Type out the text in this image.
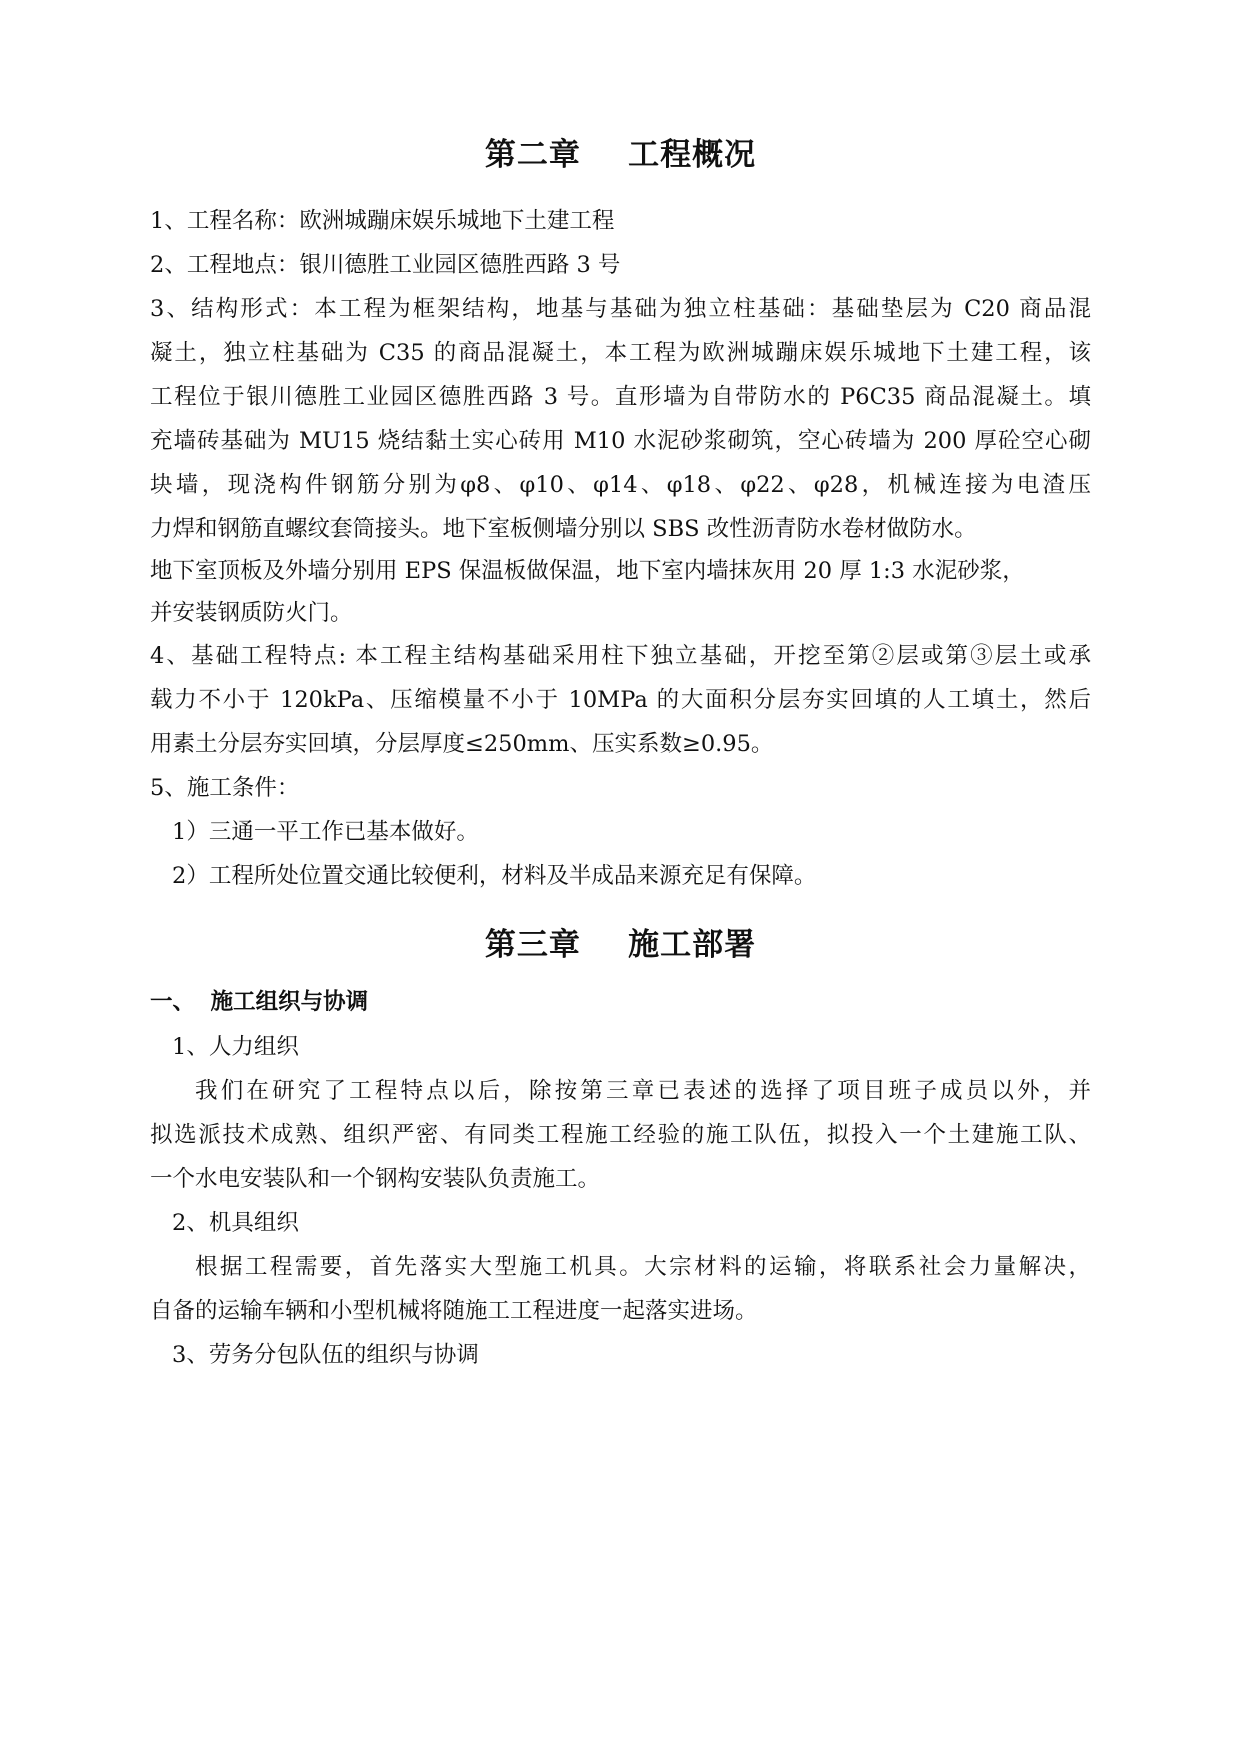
第二章    工程概况
1、工程名称：欧洲城蹦床娱乐城地下土建工程
2、工程地点：银川德胜工业园区德胜西路 3 号
3、结构形式：本工程为框架结构，地基与基础为独立柱基础：基础垫层为 C20 商品混
凝土，独立柱基础为 C35 的商品混凝土，本工程为欧洲城蹦床娱乐城地下土建工程，该
工程位于银川德胜工业园区德胜西路 3 号。直形墙为自带防水的 P6C35 商品混凝土。填
充墙砖基础为 MU15 烧结黏土实心砖用 M10 水泥砂浆砌筑，空心砖墙为 200 厚砼空心砌
块墙，现浇构件钢筋分别为φ8、φ10、φ14、φ18、φ22、φ28，机械连接为电渣压
力焊和钢筋直螺纹套筒接头。地下室板侧墙分别以 SBS 改性沥青防水卷材做防水。
地下室顶板及外墙分别用 EPS 保温板做保温，地下室内墙抹灰用 20 厚 1:3 水泥砂浆，
并安装钢质防火门。
4、基础工程特点: 本工程主结构基础采用柱下独立基础，开挖至第②层或第③层土或承
载力不小于 120kPa、压缩模量不小于 10MPa 的大面积分层夯实回填的人工填土，然后
用素土分层夯实回填，分层厚度≤250mm、压实系数≥0.95。
5、施工条件：
1）三通一平工作已基本做好。
2）工程所处位置交通比较便利，材料及半成品来源充足有保障。
第三章    施工部署
一、  施工组织与协调
1、人力组织
我们在研究了工程特点以后，除按第三章已表述的选择了项目班子成员以外，并
拟选派技术成熟、组织严密、有同类工程施工经验的施工队伍，拟投入一个土建施工队、
一个水电安装队和一个钢构安装队负责施工。
2、机具组织
根据工程需要，首先落实大型施工机具。大宗材料的运输，将联系社会力量解决，
自备的运输车辆和小型机械将随施工工程进度一起落实进场。
3、劳务分包队伍的组织与协调
